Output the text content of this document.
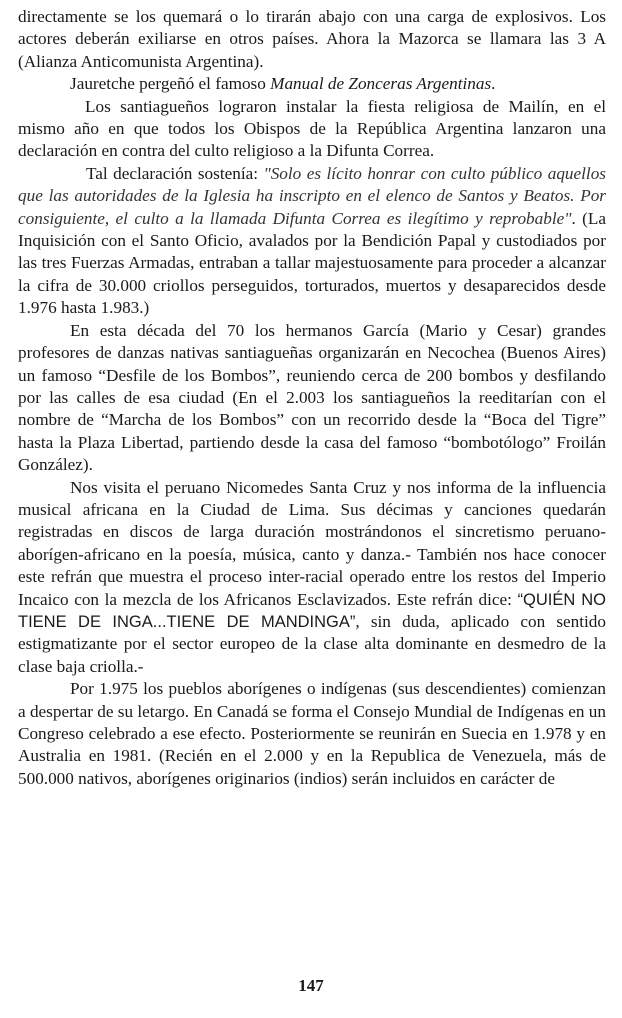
directamente se los quemará o lo tirarán abajo con una carga de explosivos. Los actores deberán exiliarse en otros países. Ahora la Mazorca se llamara las 3 A (Alianza Anticomunista Argentina).

Jauretche pergeñó el famoso Manual de Zonceras Argentinas.

Los santiagueños lograron instalar la fiesta religiosa de Mailín, en el mismo año en que todos los Obispos de la República Argentina lanzaron una declaración en contra del culto religioso a la Difunta Correa.

Tal declaración sostenía: "Solo es lícito honrar con culto público aquellos que las autoridades de la Iglesia ha inscripto en el elenco de Santos y Beatos. Por consiguiente, el culto a la llamada Difunta Correa es ilegítimo y reprobable". (La Inquisición con el Santo Oficio, avalados por la Bendición Papal y custodiados por las tres Fuerzas Armadas, entraban a tallar majestuosamente para proceder a alcanzar la cifra de 30.000 criollos perseguidos, torturados, muertos y desaparecidos desde 1.976 hasta 1.983.)

En esta década del 70 los hermanos García (Mario y Cesar) grandes profesores de danzas nativas santiagueñas organizarán en Necochea (Buenos Aires) un famoso “Desfile de los Bombos”, reuniendo cerca de 200 bombos y desfilando por las calles de esa ciudad (En el 2.003 los santiagueños la reeditarían con el nombre de “Marcha de los Bombos” con un recorrido desde la “Boca del Tigre” hasta la Plaza Libertad, partiendo desde la casa del famoso “bombotólogo” Froilán González).

Nos visita el peruano Nicomedes Santa Cruz y nos informa de la influencia musical africana en la Ciudad de Lima. Sus décimas y canciones quedarán registradas en discos de larga duración mostrándonos el sincretismo peruano-aborígen-africano en la poesía, música, canto y danza.- También nos hace conocer este refrán que muestra el proceso inter-racial operado entre los restos del Imperio Incaico con la mezcla de los Africanos Esclavizados. Este refrán dice: “QUIÉN NO TIENE DE INGA...TIENE DE MANDINGA”, sin duda, aplicado con sentido estigmatizante por el sector europeo de la clase alta dominante en desmedro de la clase baja criolla.-

Por 1.975 los pueblos aborígenes o indígenas (sus descendientes) comienzan a despertar de su letargo. En Canadá se forma el Consejo Mundial de Indígenas en un Congreso celebrado a ese efecto. Posteriormente se reunirán en Suecia en 1.978 y en Australia en 1981. (Recién en el 2.000 y en la Republica de Venezuela, más de 500.000 nativos, aborígenes originarios (indios) serán incluidos en carácter de

147
